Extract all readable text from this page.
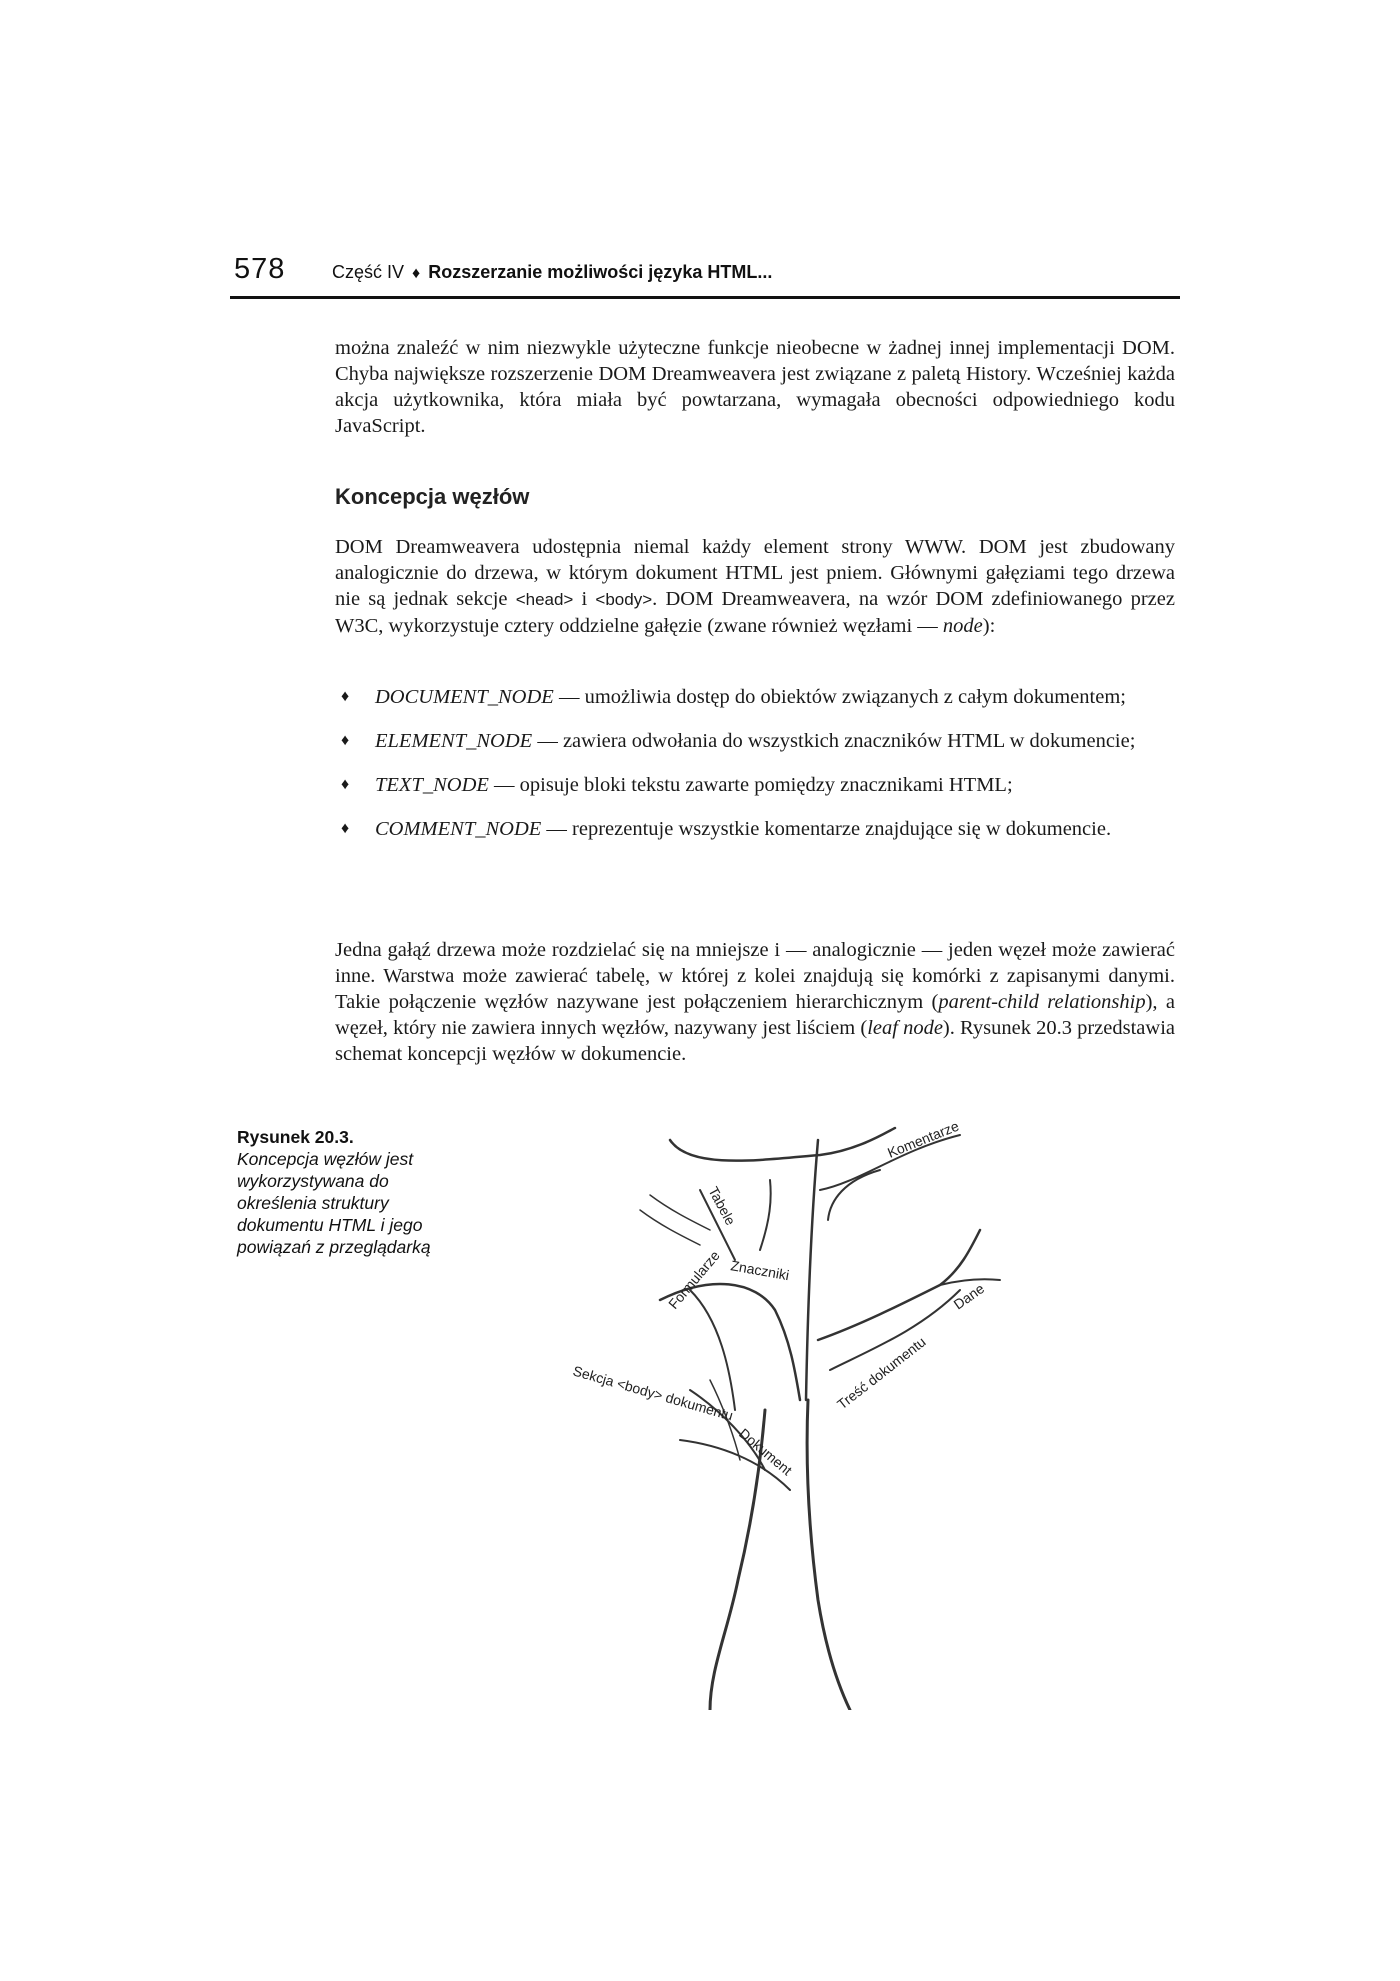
578	Część IV ♦ Rozszerzanie możliwości języka HTML...

można znaleźć w nim niezwykle użyteczne funkcje nieobecne w żadnej innej implementacji DOM. Chyba największe rozszerzenie DOM Dreamweavera jest związane z paletą History. Wcześniej każda akcja użytkownika, która miała być powtarzana, wymagała obecności odpowiedniego kodu JavaScript.

Koncepcja węzłów

DOM Dreamweavera udostępnia niemal każdy element strony WWW. DOM jest zbudowany analogicznie do drzewa, w którym dokument HTML jest pniem. Głównymi gałęziami tego drzewa nie są jednak sekcje <head> i <body>. DOM Dreamweavera, na wzór DOM zdefiniowanego przez W3C, wykorzystuje cztery oddzielne gałęzie (zwane również węzłami — node):

♦ DOCUMENT_NODE — umożliwia dostęp do obiektów związanych z całym dokumentem;
♦ ELEMENT_NODE — zawiera odwołania do wszystkich znaczników HTML w dokumencie;
♦ TEXT_NODE — opisuje bloki tekstu zawarte pomiędzy znacznikami HTML;
♦ COMMENT_NODE — reprezentuje wszystkie komentarze znajdujące się w dokumencie.

Jedna gałąź drzewa może rozdzielać się na mniejsze i — analogicznie — jeden węzeł może zawierać inne. Warstwa może zawierać tabelę, w której z kolei znajdują się komórki z zapisanymi danymi. Takie połączenie węzłów nazywane jest połączeniem hierarchicznym (parent-child relationship), a węzeł, który nie zawiera innych węzłów, nazywany jest liściem (leaf node). Rysunek 20.3 przedstawia schemat koncepcji węzłów w dokumencie.

Rysunek 20.3.
Koncepcja węzłów jest wykorzystywana do określenia struktury dokumentu HTML i jego powiązań z przeglądarką
Tabele
Znaczniki
Formularze
Komentarze
Dane
Treść dokumentu
Sekcja <body> dokumentu
Dokument
